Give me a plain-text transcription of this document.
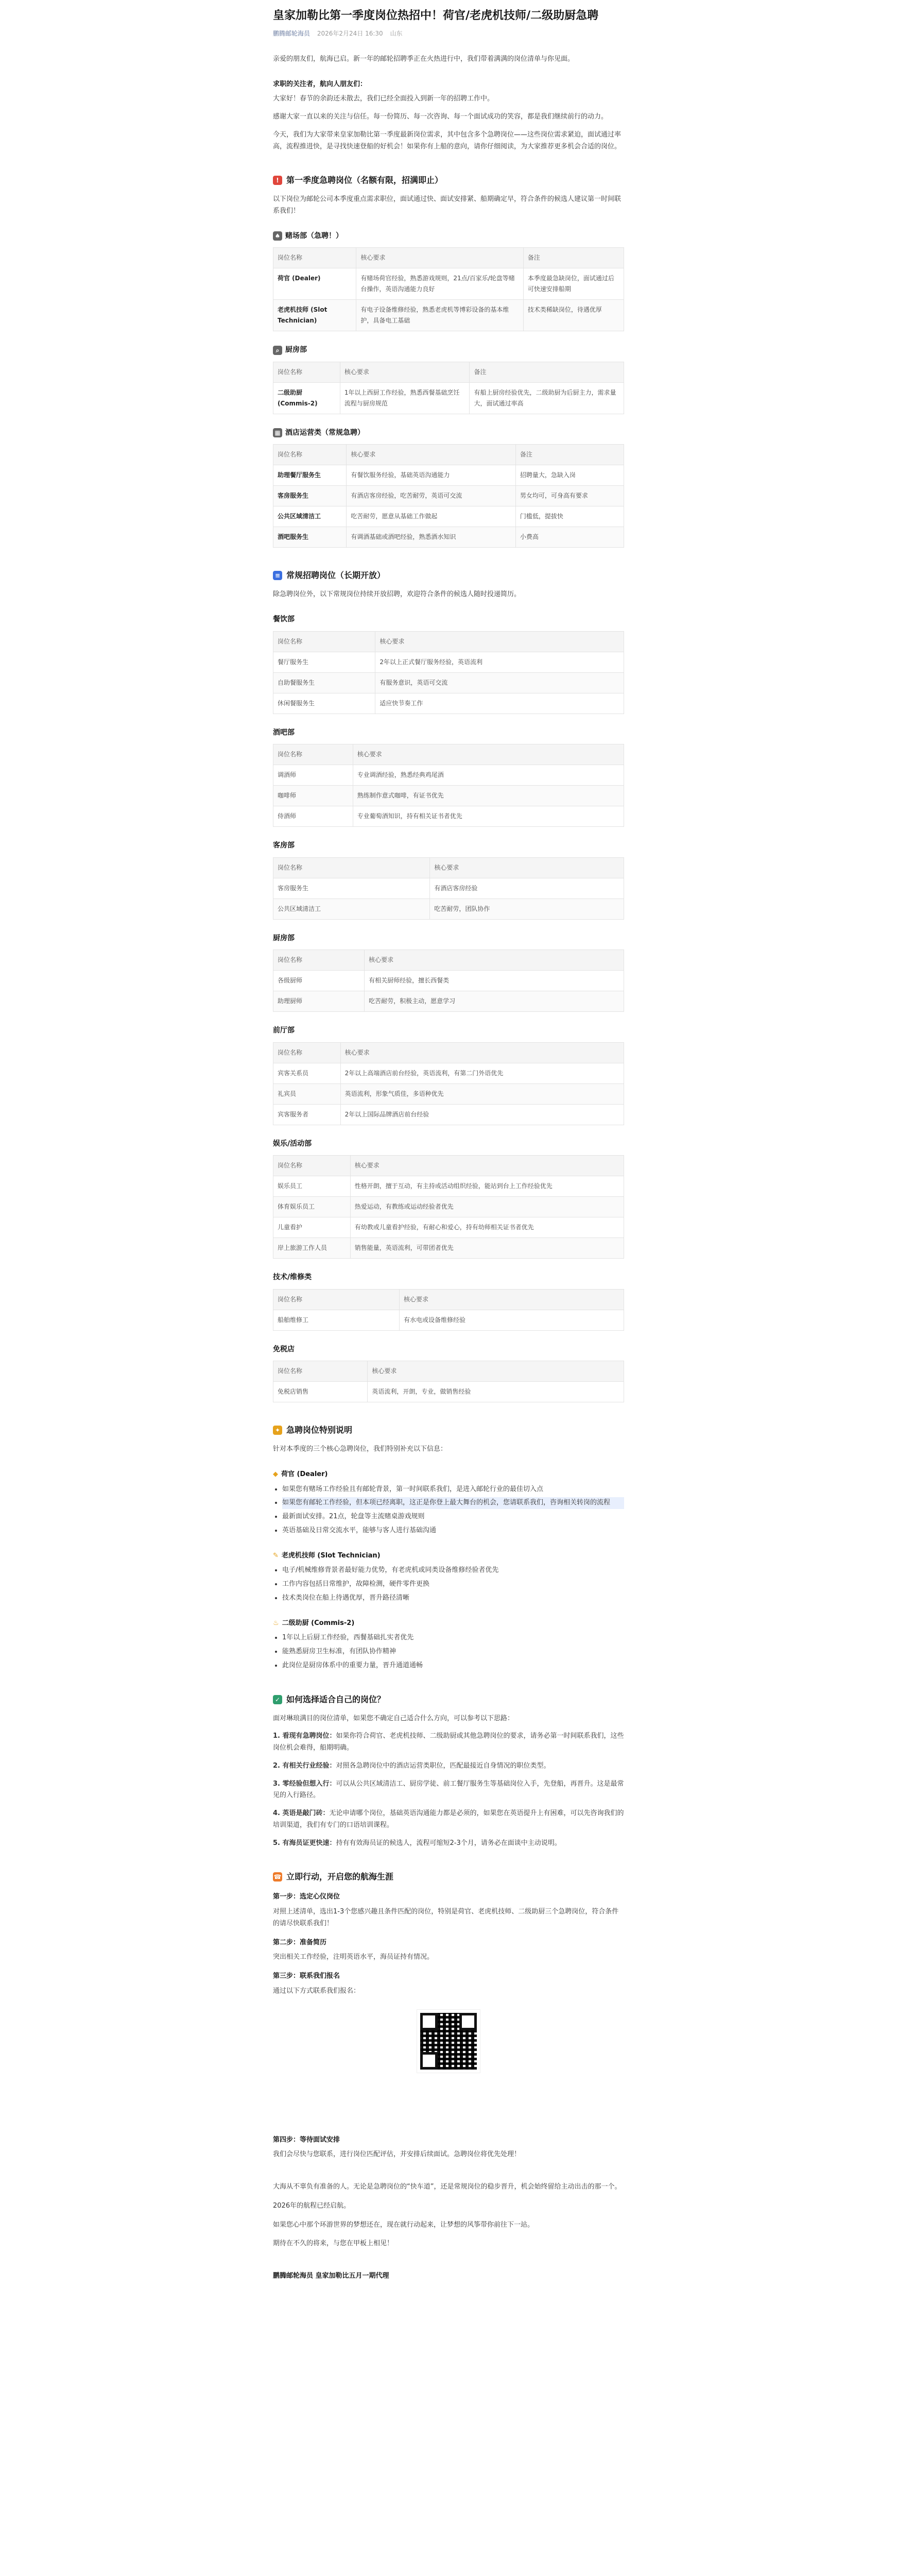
皇家加勒比第一季度岗位热招中！荷官/老虎机技师/二级助厨急聘
鹏腾邮轮海员 2026年2月24日 16:30 山东

亲爱的朋友们，航海已启。新一年的邮轮招聘季正在火热进行中，我们带着满满的岗位清单与你见面。

求职的关注者，航向人朋友们：

大家好！春节的余韵还未散去，我们已经全面投入到新一年的招聘工作中。

感谢大家一直以来的关注与信任。每一份简历、每一次咨询、每一个面试成功的笑容，都是我们继续前行的动力。

今天，我们为大家带来皇家加勒比第一季度最新岗位需求，其中包含多个急聘岗位——这些岗位需求紧迫，面试通过率高，流程推进快，是寻找快速登船的好机会！如果你有上船的意向，请你仔细阅读，为大家推荐更多机会合适的岗位。

! 第一季度急聘岗位（名额有限，招满即止）

以下岗位为邮轮公司本季度重点需求职位，面试通过快、面试安排紧、船期确定早，符合条件的候选人建议第一时间联系我们！

♠ 赌场部（急聘！）
岗位名称	核心要求	备注
荷官 (Dealer)	有赌场荷官经验，熟悉游戏规则，21点/百家乐/轮盘等赌台操作，英语沟通能力良好	本季度最急缺岗位，面试通过后可快速安排船期
老虎机技师 (Slot Technician)	有电子设备维修经验，熟悉老虎机等博彩设备的基本维护，具备电工基础	技术类稀缺岗位，待遇优厚
⌕ 厨房部
岗位名称	核心要求	备注
二级助厨 (Commis-2)	1年以上西厨工作经验，熟悉西餐基础烹饪流程与厨房规范	有船上厨房经验优先，二级助厨为后厨主力，需求量大，面试通过率高
▦ 酒店运营类（常规急聘）
岗位名称	核心要求	备注
助理餐厅服务生	有餐饮服务经验，基础英语沟通能力	招聘量大，急缺入岗
客房服务生	有酒店客房经验，吃苦耐劳，英语可交流	男女均可，可身高有要求
公共区域清洁工	吃苦耐劳，愿意从基础工作做起	门槛低，提拔快
酒吧服务生	有调酒基础或酒吧经验，熟悉酒水知识	小费高
≡ 常规招聘岗位（长期开放）

除急聘岗位外，以下常规岗位持续开放招聘，欢迎符合条件的候选人随时投递简历。

餐饮部
岗位名称	核心要求
餐厅服务生	2年以上正式餐厅服务经验，英语流利
自助餐服务生	有服务意识，英语可交流
休闲餐服务生	适应快节奏工作
酒吧部
岗位名称	核心要求
调酒师	专业调酒经验，熟悉经典鸡尾酒
咖啡师	熟练制作意式咖啡，有证书优先
侍酒师	专业葡萄酒知识，持有相关证书者优先
客房部
岗位名称	核心要求
客房服务生	有酒店客房经验
公共区域清洁工	吃苦耐劳，团队协作
厨房部
岗位名称	核心要求
各级厨师	有相关厨师经验，擅长西餐类
助理厨师	吃苦耐劳，积极主动，愿意学习
前厅部
岗位名称	核心要求
宾客关系员	2年以上高端酒店前台经验，英语流利，有第二门外语优先
礼宾员	英语流利，形象气质佳，多语种优先
宾客服务者	2年以上国际品牌酒店前台经验
娱乐/活动部
岗位名称	核心要求
娱乐员工	性格开朗，擅于互动，有主持或活动组织经验，能站到台上工作经验优先
体育娱乐员工	热爱运动，有教练或运动经验者优先
儿童看护	有幼教或儿童看护经验，有耐心和爱心，持有幼师相关证书者优先
岸上旅游工作人员	销售能量，英语流利，可带团者优先
技术/维修类
岗位名称	核心要求
船舶维修工	有水电或设备维修经验
免税店
岗位名称	核心要求
免税店销售	英语流利，开朗，专业，做销售经验
✦ 急聘岗位特别说明

针对本季度的三个核心急聘岗位，我们特别补充以下信息：

◆ 荷官 (Dealer)
• 如果您有赌场工作经验且有邮轮背景，第一时间联系我们，是进入邮轮行业的最佳切入点
• 如果您有邮轮工作经验，但本项已经离职，这正是你登上最大舞台的机会，您请联系我们，咨询相关转岗的流程
• 最新面试安排。21点，轮盘等主流赌桌游戏规则
• 英语基础及日常交流水平，能够与客人进行基础沟通
✎ 老虎机技师 (Slot Technician)
• 电子/机械维修背景者最好能力优势，有老虎机或同类设备维修经验者优先
• 工作内容包括日常维护，故障检测，硬件零件更换
• 技术类岗位在船上待遇优厚，晋升路径清晰
♨ 二级助厨 (Commis-2)
• 1年以上后厨工作经验，西餐基础扎实者优先
• 能熟悉厨房卫生标准，有团队协作精神
• 此岗位是厨房体系中的重要力量，晋升通道通畅
✓ 如何选择适合自己的岗位？

面对琳琅满目的岗位清单，如果您不确定自己适合什么方向，可以参考以下思路：

1. 看现有急聘岗位：如果你符合荷官、老虎机技师、二级助厨或其他急聘岗位的要求，请务必第一时间联系我们，这些岗位机会难得，船期明确。

2. 有相关行业经验：对照各急聘岗位中的酒店运营类职位，匹配最接近自身情况的职位类型。

3. 零经验但想入行：可以从公共区域清洁工、厨房学徒、前工餐厅服务生等基础岗位入手，先登船，再晋升。这是最常见的入行路径。

4. 英语是敲门砖：无论申请哪个岗位，基础英语沟通能力都是必须的，如果您在英语提升上有困难，可以先咨询我们的培训渠道，我们有专门的口语培训课程。

5. 有海员证更快速：持有有效海员证的候选人，流程可缩短2-3个月，请务必在面谈中主动说明。

☎ 立即行动，开启您的航海生涯
第一步：选定心仪岗位

对照上述清单，选出1-3个您感兴趣且条件匹配的岗位，特别是荷官、老虎机技师、二级助厨三个急聘岗位，符合条件的请尽快联系我们！

第二步：准备简历

突出相关工作经验，注明英语水平，海员证持有情况。

第三步：联系我们报名

通过以下方式联系我们报名：

第四步：等待面试安排

我们会尽快与您联系，进行岗位匹配评估，并安排后续面试。急聘岗位将优先处理！

大海从不辜负有准备的人。无论是急聘岗位的“快车道”，还是常规岗位的稳步晋升，机会始终留给主动出击的那一个。

2026年的航程已经启航。

如果您心中那个环游世界的梦想还在，现在就行动起来，让梦想的风筝带你前往下一站。

期待在不久的将来，与您在甲板上相见！

鹏腾邮轮海员 皇家加勒比五月一期代理
